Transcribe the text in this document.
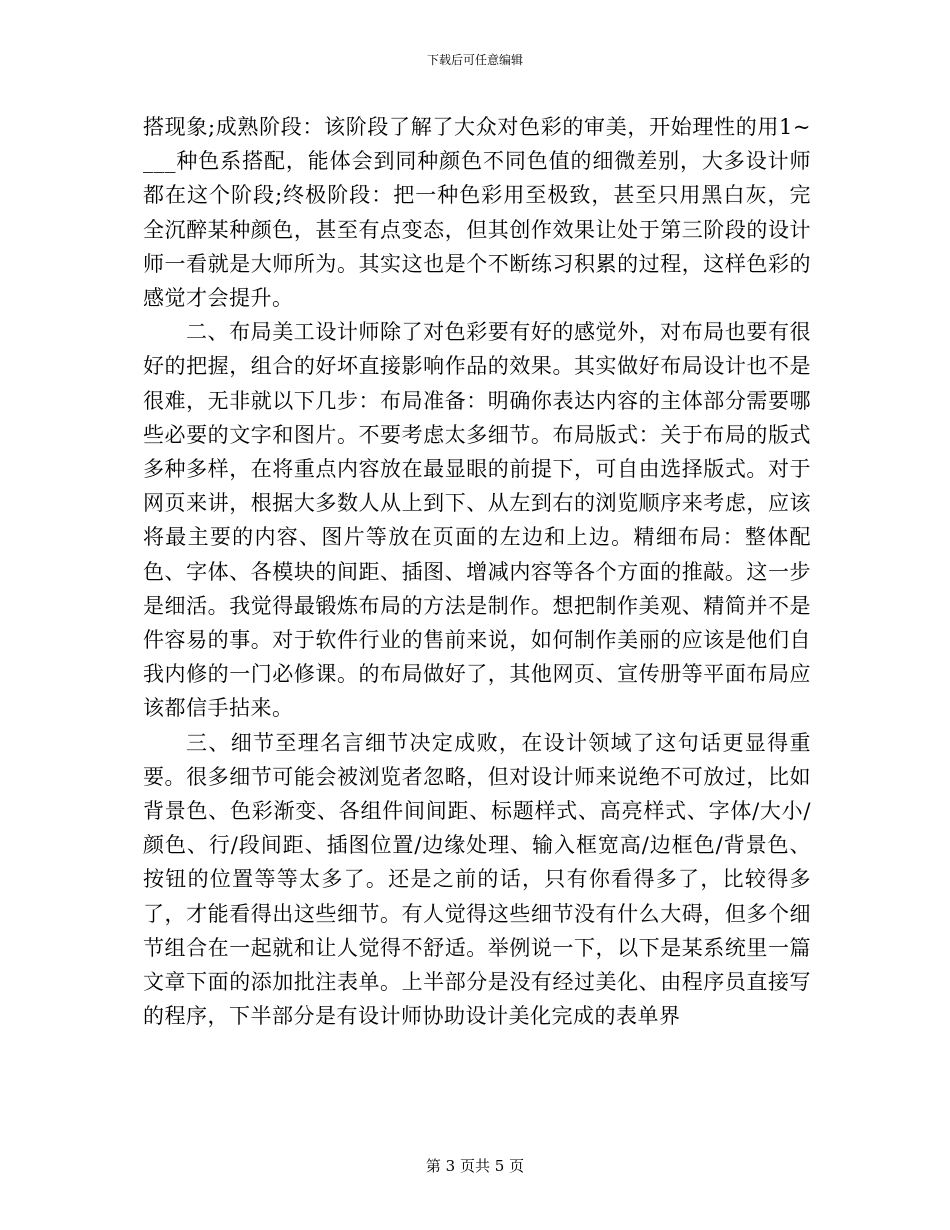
下载后可任意编辑

搭现象;成熟阶段：该阶段了解了大众对色彩的审美，开始理性的用1~___种色系搭配，能体会到同种颜色不同色值的细微差别，大多设计师都在这个阶段;终极阶段：把一种色彩用至极致，甚至只用黑白灰，完全沉醉某种颜色，甚至有点变态，但其创作效果让处于第三阶段的设计师一看就是大师所为。其实这也是个不断练习积累的过程，这样色彩的感觉才会提升。

二、布局美工设计师除了对色彩要有好的感觉外，对布局也要有很好的把握，组合的好坏直接影响作品的效果。其实做好布局设计也不是很难，无非就以下几步：布局准备：明确你表达内容的主体部分需要哪些必要的文字和图片。不要考虑太多细节。布局版式：关于布局的版式多种多样，在将重点内容放在最显眼的前提下，可自由选择版式。对于网页来讲，根据大多数人从上到下、从左到右的浏览顺序来考虑，应该将最主要的内容、图片等放在页面的左边和上边。精细布局：整体配色、字体、各模块的间距、插图、增减内容等各个方面的推敲。这一步是细活。我觉得最锻炼布局的方法是制作。想把制作美观、精简并不是件容易的事。对于软件行业的售前来说，如何制作美丽的应该是他们自我内修的一门必修课。的布局做好了，其他网页、宣传册等平面布局应该都信手拈来。

三、细节至理名言细节决定成败，在设计领域了这句话更显得重要。很多细节可能会被浏览者忽略，但对设计师来说绝不可放过，比如背景色、色彩渐变、各组件间间距、标题样式、高亮样式、字体/大小/颜色、行/段间距、插图位置/边缘处理、输入框宽高/边框色/背景色、按钮的位置等等太多了。还是之前的话，只有你看得多了，比较得多了，才能看得出这些细节。有人觉得这些细节没有什么大碍，但多个细节组合在一起就和让人觉得不舒适。举例说一下，以下是某系统里一篇文章下面的添加批注表单。上半部分是没有经过美化、由程序员直接写的程序，下半部分是有设计师协助设计美化完成的表单界

第 3 页共 5 页
